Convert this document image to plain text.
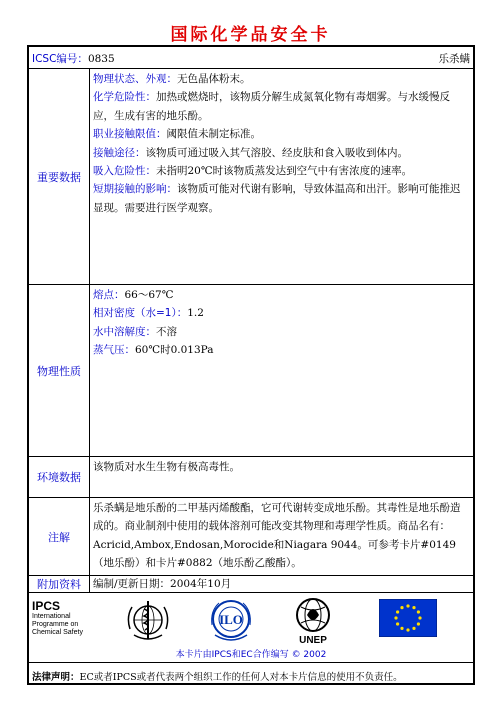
国际化学品安全卡
ICSC编号：0835	乐杀螨
重要数据

物理状态、外观：无色晶体粉末。

化学危险性：加热或燃烧时，该物质分解生成氮氧化物有毒烟雾。与水缓慢反应，生成有害的地乐酚。

职业接触限值：阈限值未制定标准。

接触途径：该物质可通过吸入其气溶胶、经皮肤和食入吸收到体内。

吸入危险性：未指明20℃时该物质蒸发达到空气中有害浓度的速率。

短期接触的影响：该物质可能对代谢有影响，导致体温高和出汗。影响可能推迟显现。需要进行医学观察。

物理性质

熔点：66～67℃

相对密度（水=1）：1.2

水中溶解度：不溶

蒸气压：60℃时0.013Pa

环境数据
该物质对水生生物有极高毒性。
注解
乐杀螨是地乐酚的二甲基丙烯酸酯，它可代谢转变成地乐酚。其毒性是地乐酚造成的。商业制剂中使用的载体溶剂可能改变其物理和毒理学性质。商品名有：Acricid,Ambox,Endosan,Morocide和Niagara 9044。可参考卡片#0149（地乐酚）和卡片#0882（地乐酚乙酸酯）。
附加资料	编制/更新日期：2004年10月
IPCS
International
Programme on
Chemical Safety
ILO
UNEP
本卡片由IPCS和EC合作编写 © 2002
法律声明：EC或者IPCS或者代表两个组织工作的任何人对本卡片信息的使用不负责任。
